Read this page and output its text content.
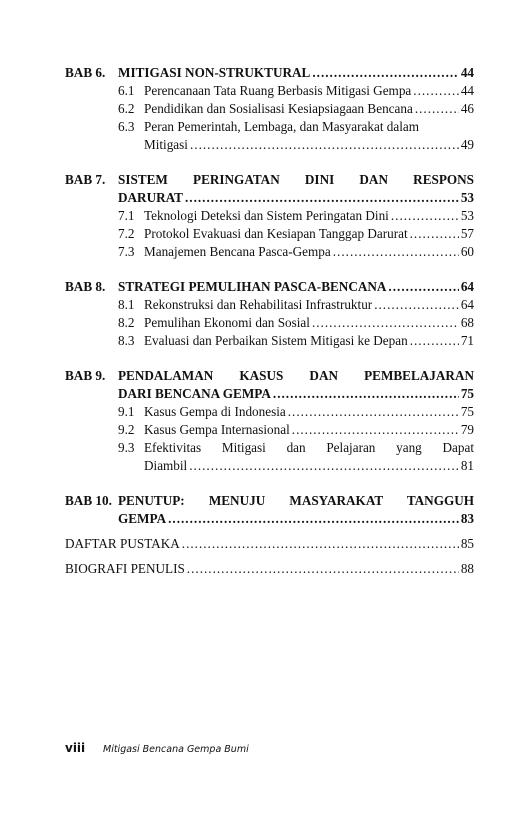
BAB 6. MITIGASI NON-STRUKTURAL .....	44
6.1 Perencanaan Tata Ruang Berbasis Mitigasi Gempa .....	44
6.2 Pendidikan dan Sosialisasi Kesiapsiagaan Bencana .....	46
6.3 Peran Pemerintah, Lembaga, dan Masyarakat dalam
Mitigasi .....	49
BAB 7. SISTEM PERINGATAN DINI DAN RESPONS
DARURAT .....	53
7.1 Teknologi Deteksi dan Sistem Peringatan Dini .....	53
7.2 Protokol Evakuasi dan Kesiapan Tanggap Darurat .....	57
7.3 Manajemen Bencana Pasca-Gempa .....	60
BAB 8. STRATEGI PEMULIHAN PASCA-BENCANA .....	64
8.1 Rekonstruksi dan Rehabilitasi Infrastruktur .....	64
8.2 Pemulihan Ekonomi dan Sosial .....	68
8.3 Evaluasi dan Perbaikan Sistem Mitigasi ke Depan .....	71
BAB 9. PENDALAMAN KASUS DAN PEMBELAJARAN
DARI BENCANA GEMPA .....	75
9.1 Kasus Gempa di Indonesia .....	75
9.2 Kasus Gempa Internasional .....	79
9.3 Efektivitas Mitigasi dan Pelajaran yang Dapat
Diambil .....	81
BAB 10. PENUTUP: MENUJU MASYARAKAT TANGGUH
GEMPA .....	83
DAFTAR PUSTAKA .....	85
BIOGRAFI PENULIS .....	88
viii	Mitigasi Bencana Gempa Bumi
